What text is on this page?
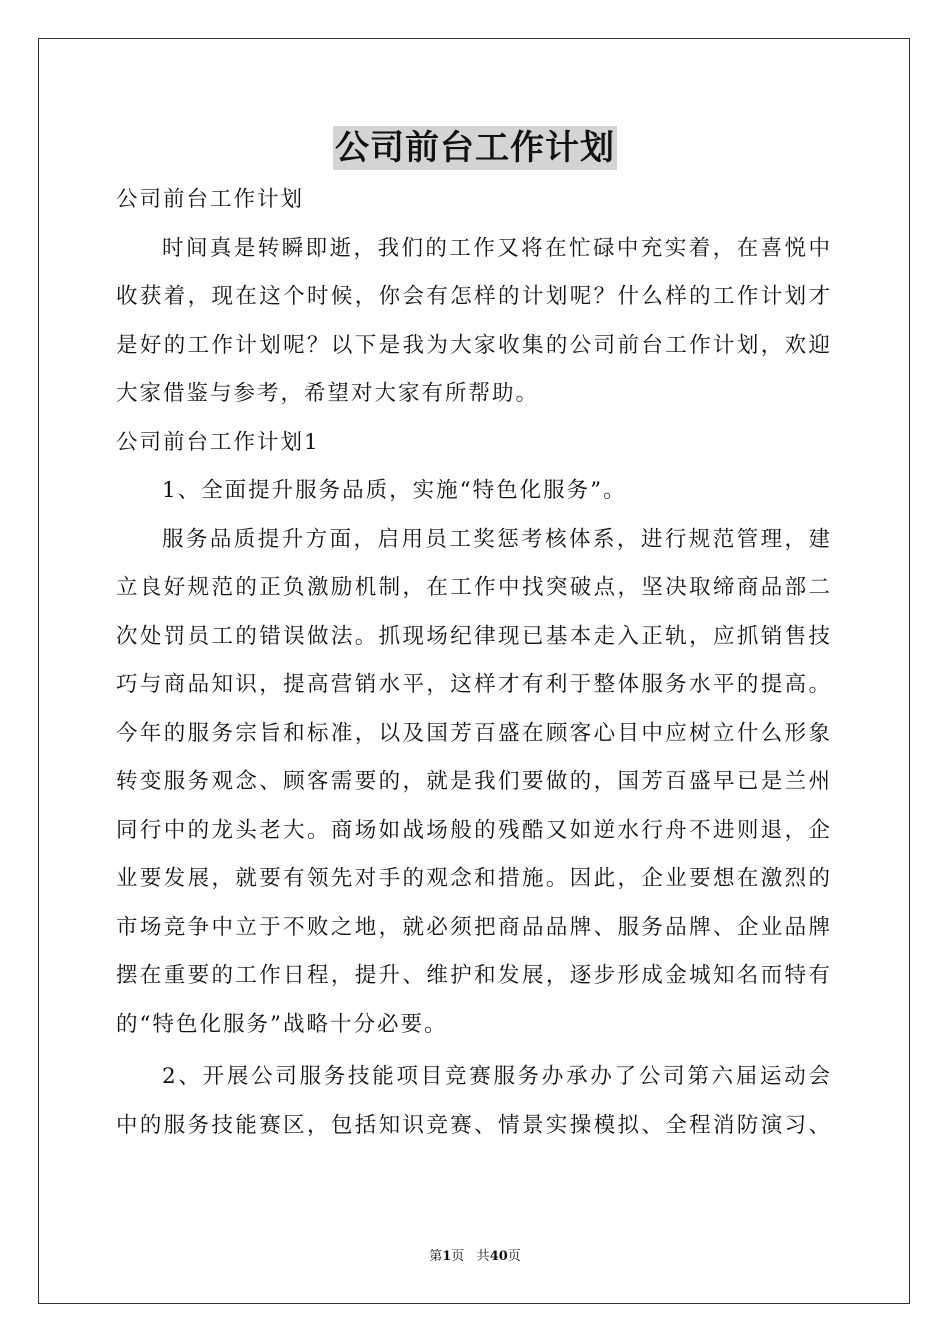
公司前台工作计划
公司前台工作计划
时间真是转瞬即逝，我们的工作又将在忙碌中充实着，在喜悦中
收获着，现在这个时候，你会有怎样的计划呢？什么样的工作计划才
是好的工作计划呢？以下是我为大家收集的公司前台工作计划，欢迎
大家借鉴与参考，希望对大家有所帮助。
公司前台工作计划1
1、全面提升服务品质，实施“特色化服务”。
服务品质提升方面，启用员工奖惩考核体系，进行规范管理，建
立良好规范的正负激励机制，在工作中找突破点，坚决取缔商品部二
次处罚员工的错误做法。抓现场纪律现已基本走入正轨，应抓销售技
巧与商品知识，提高营销水平，这样才有利于整体服务水平的提高。
今年的服务宗旨和标准，以及国芳百盛在顾客心目中应树立什么形象
转变服务观念、顾客需要的，就是我们要做的，国芳百盛早已是兰州
同行中的龙头老大。商场如战场般的残酷又如逆水行舟不进则退，企
业要发展，就要有领先对手的观念和措施。因此，企业要想在激烈的
市场竞争中立于不败之地，就必须把商品品牌、服务品牌、企业品牌
摆在重要的工作日程，提升、维护和发展，逐步形成金城知名而特有
的“特色化服务”战略十分必要。
2、开展公司服务技能项目竞赛服务办承办了公司第六届运动会
中的服务技能赛区，包括知识竞赛、情景实操模拟、全程消防演习、
第1页 共40页
